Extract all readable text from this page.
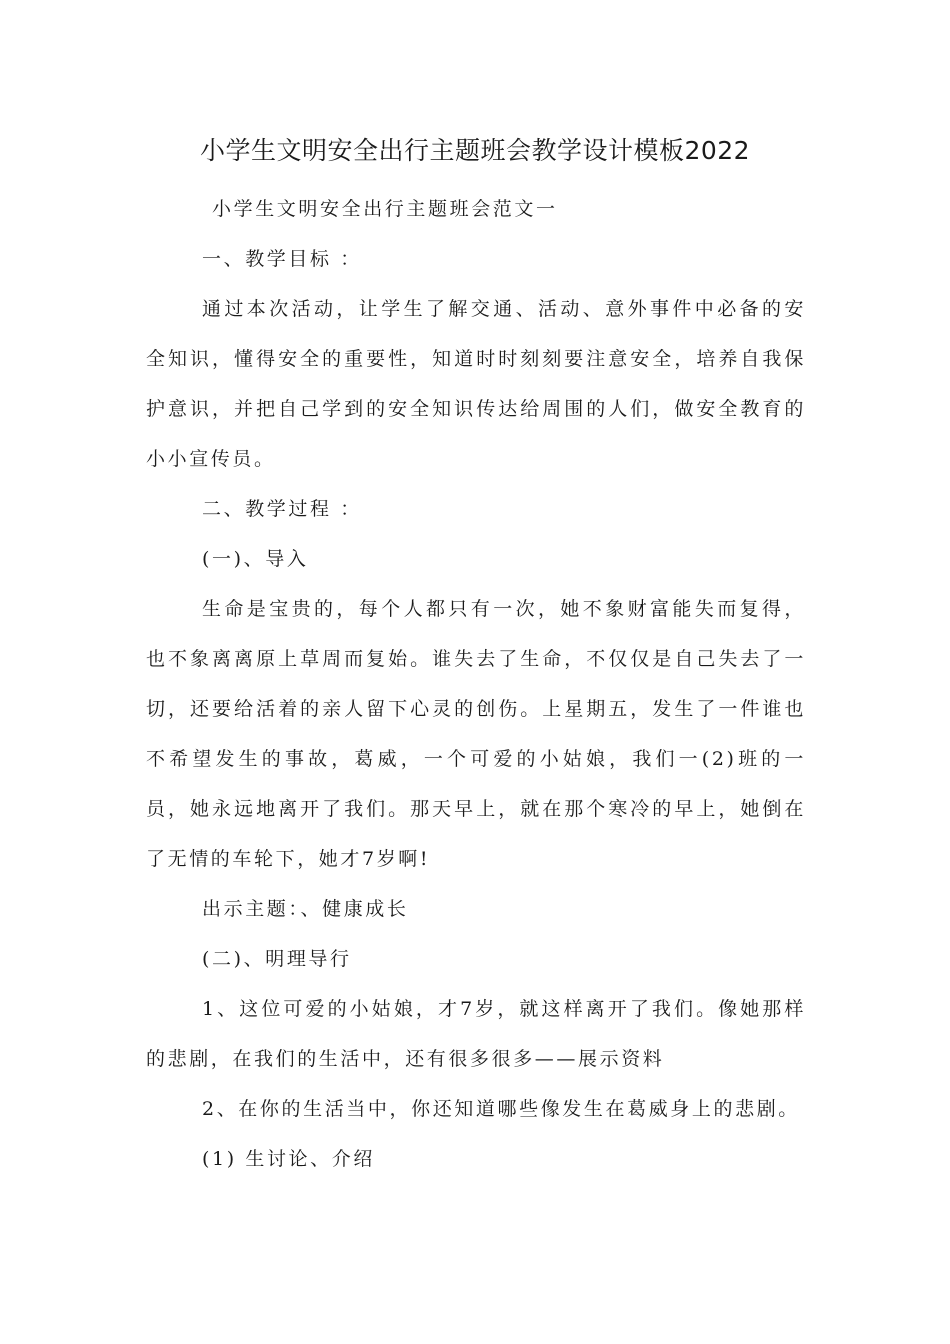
小学生文明安全出行主题班会教学设计模板2022

小学生文明安全出行主题班会范文一

一、教学目标 ：

通过本次活动，让学生了解交通、活动、意外事件中必备的安全知识，懂得安全的重要性，知道时时刻刻要注意安全，培养自我保护意识，并把自己学到的安全知识传达给周围的人们，做安全教育的小小宣传员。

二、教学过程 ：

(一)、导入

生命是宝贵的，每个人都只有一次，她不象财富能失而复得，也不象离离原上草周而复始。谁失去了生命，不仅仅是自己失去了一切，还要给活着的亲人留下心灵的创伤。上星期五，发生了一件谁也不希望发生的事故，葛威，一个可爱的小姑娘，我们一(2)班的一员，她永远地离开了我们。那天早上，就在那个寒冷的早上，她倒在了无情的车轮下，她才7岁啊!

出示主题：、健康成长

(二)、明理导行

1、这位可爱的小姑娘，才7岁，就这样离开了我们。像她那样的悲剧，在我们的生活中，还有很多很多——展示资料

2、在你的生活当中，你还知道哪些像发生在葛威身上的悲剧。

(1) 生讨论、介绍
